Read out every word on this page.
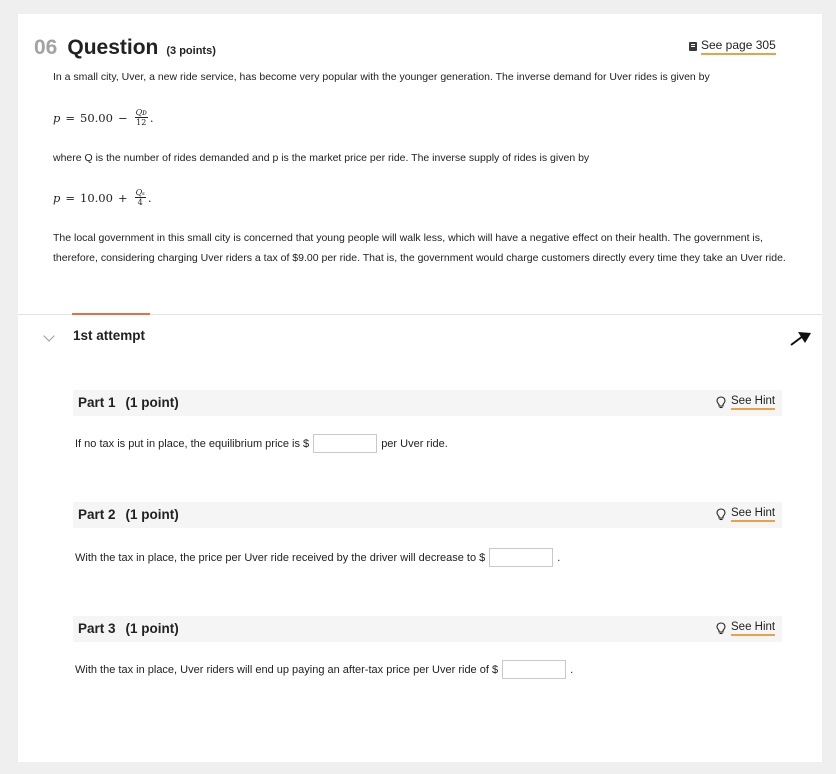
06 Question (3 points)	See page 305
In a small city, Uver, a new ride service, has become very popular with the younger generation. The inverse demand for Uver rides is given by
$p = 50.00 - \frac{\text{Qᴅ}}{12}$ .
where Q is the number of rides demanded and p is the market price per ride. The inverse supply of rides is given by
$p = 10.00 + \frac{\text{Qₛ}}{4}$ .
The local government in this small city is concerned that young people will walk less, which will have a negative effect on their health. The government is, therefore, considering charging Uver riders a tax of $9.00 per ride. That is, the government would charge customers directly every time they take an Uver ride.
1st attempt
Part 1 (1 point)	See Hint
If no tax is put in place, the equilibrium price is $	per Uver ride.
Part 2 (1 point)	See Hint
With the tax in place, the price per Uver ride received by the driver will decrease to $	.
Part 3 (1 point)	See Hint
With the tax in place, Uver riders will end up paying an after-tax price per Uver ride of $	.
